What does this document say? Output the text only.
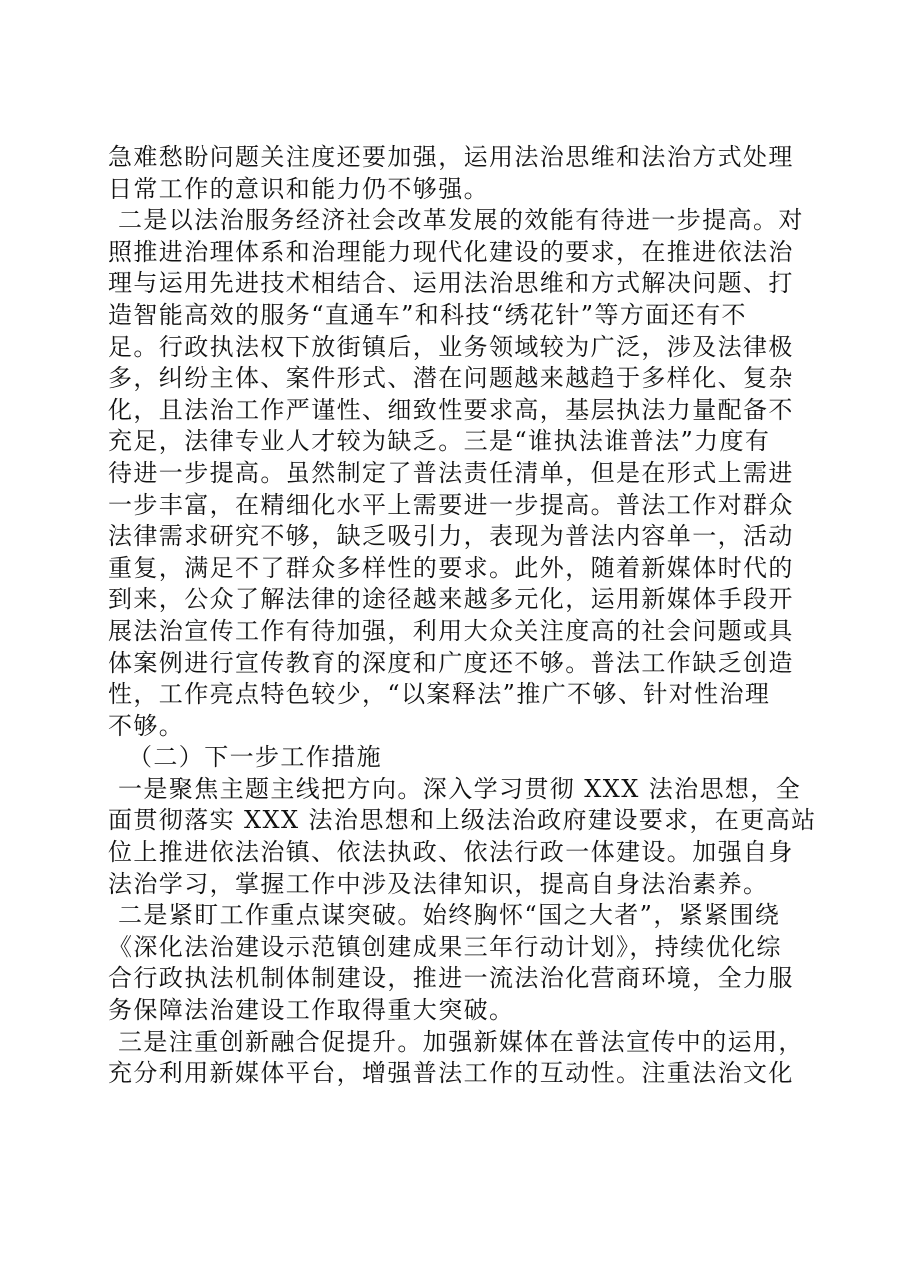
急难愁盼问题关注度还要加强，运用法治思维和法治方式处理
日常工作的意识和能力仍不够强。
二是以法治服务经济社会改革发展的效能有待进一步提高。对
照推进治理体系和治理能力现代化建设的要求，在推进依法治
理与运用先进技术相结合、运用法治思维和方式解决问题、打
造智能高效的服务“直通车”和科技“绣花针”等方面还有不
足。行政执法权下放街镇后，业务领域较为广泛，涉及法律极
多，纠纷主体、案件形式、潜在问题越来越趋于多样化、复杂
化，且法治工作严谨性、细致性要求高，基层执法力量配备不
充足，法律专业人才较为缺乏。三是“谁执法谁普法”力度有
待进一步提高。虽然制定了普法责任清单，但是在形式上需进
一步丰富，在精细化水平上需要进一步提高。普法工作对群众
法律需求研究不够，缺乏吸引力，表现为普法内容单一，活动
重复，满足不了群众多样性的要求。此外，随着新媒体时代的
到来，公众了解法律的途径越来越多元化，运用新媒体手段开
展法治宣传工作有待加强，利用大众关注度高的社会问题或具
体案例进行宣传教育的深度和广度还不够。普法工作缺乏创造
性，工作亮点特色较少，“以案释法”推广不够、针对性治理
不够。
（二）下一步工作措施
一是聚焦主题主线把方向。深入学习贯彻 XXX 法治思想，全
面贯彻落实 XXX 法治思想和上级法治政府建设要求，在更高站
位上推进依法治镇、依法执政、依法行政一体建设。加强自身
法治学习，掌握工作中涉及法律知识，提高自身法治素养。
二是紧盯工作重点谋突破。始终胸怀“国之大者”，紧紧围绕
《深化法治建设示范镇创建成果三年行动计划》，持续优化综
合行政执法机制体制建设，推进一流法治化营商环境，全力服
务保障法治建设工作取得重大突破。
三是注重创新融合促提升。加强新媒体在普法宣传中的运用，
充分利用新媒体平台，增强普法工作的互动性。注重法治文化
